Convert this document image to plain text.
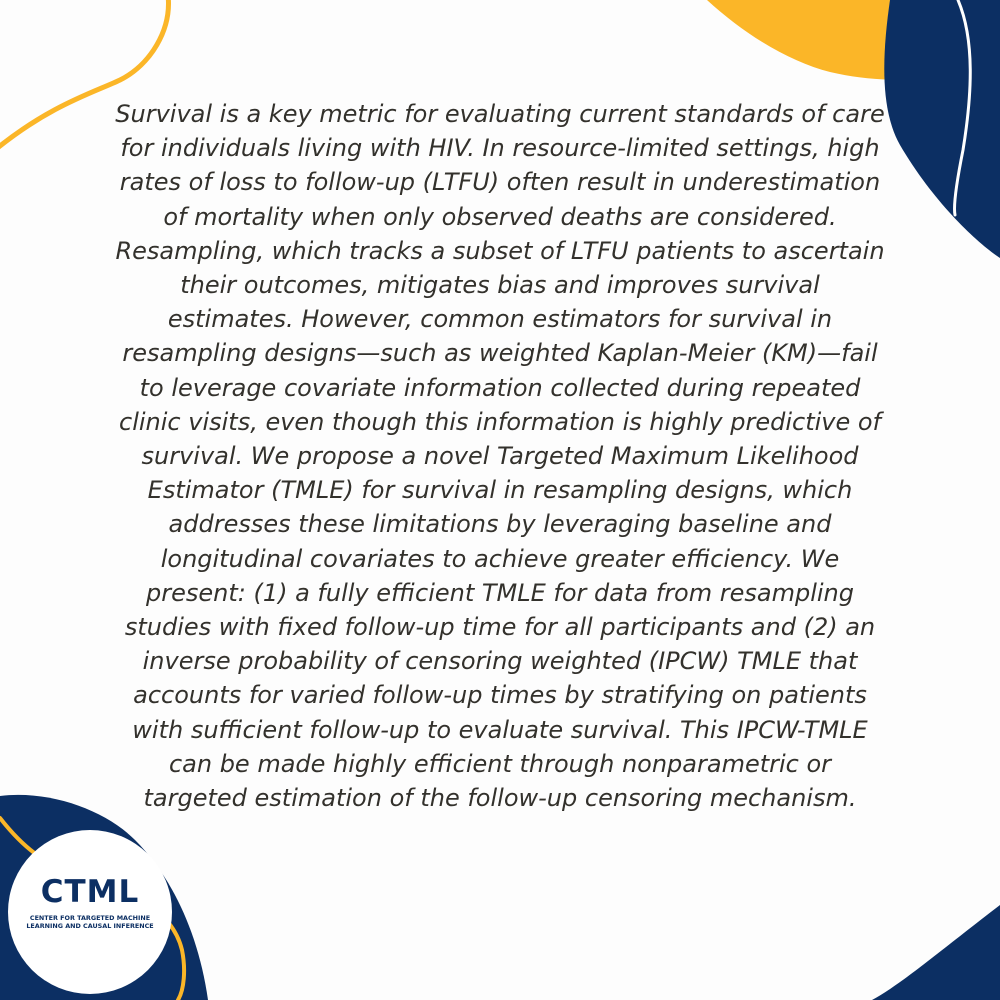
Survival is a key metric for evaluating current standards of care for individuals living with HIV. In resource-limited settings, high rates of loss to follow-up (LTFU) often result in underestimation of mortality when only observed deaths are considered. Resampling, which tracks a subset of LTFU patients to ascertain their outcomes, mitigates bias and improves survival estimates. However, common estimators for survival in resampling designs—such as weighted Kaplan-Meier (KM)—fail to leverage covariate information collected during repeated clinic visits, even though this information is highly predictive of survival. We propose a novel Targeted Maximum Likelihood Estimator (TMLE) for survival in resampling designs, which addresses these limitations by leveraging baseline and longitudinal covariates to achieve greater efficiency. We present: (1) a fully efficient TMLE for data from resampling studies with fixed follow-up time for all participants and (2) an inverse probability of censoring weighted (IPCW) TMLE that accounts for varied follow-up times by stratifying on patients with sufficient follow-up to evaluate survival. This IPCW-TMLE can be made highly efficient through nonparametric or targeted estimation of the follow-up censoring mechanism.

CTML
CENTER FOR TARGETED MACHINE LEARNING AND CAUSAL INFERENCE
